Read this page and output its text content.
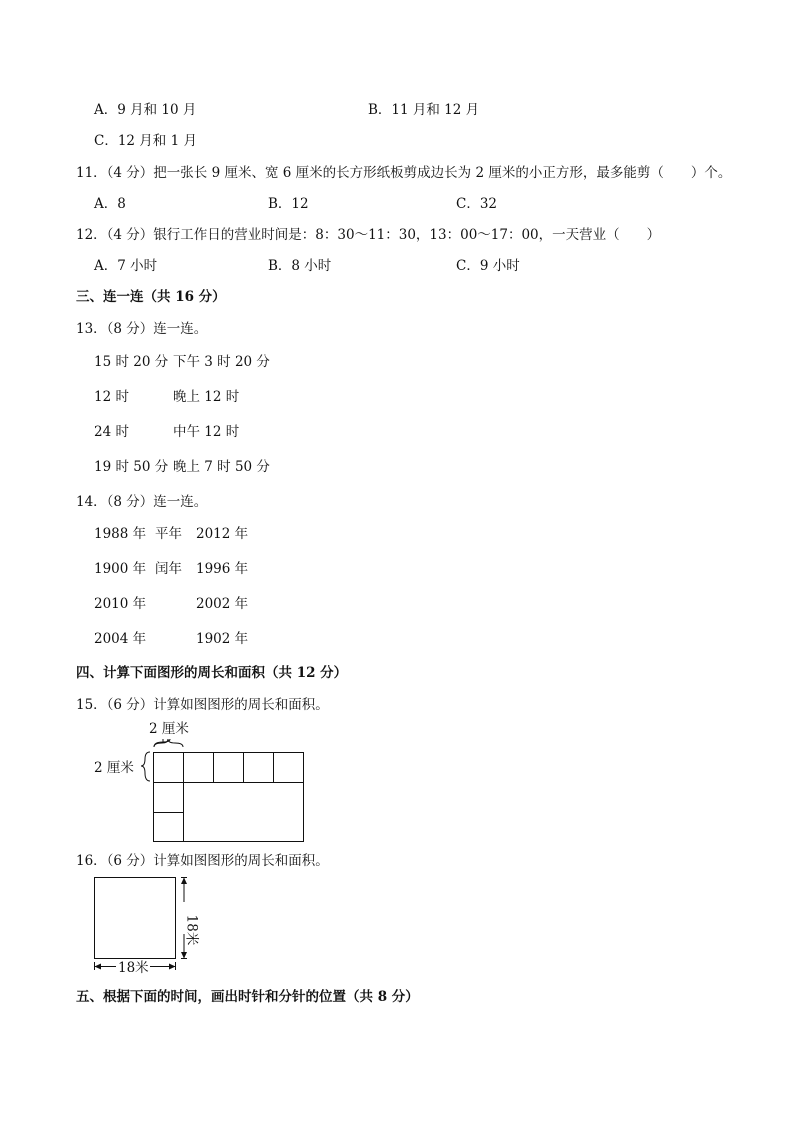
A．9 月和 10 月	B．11 月和 12 月
C．12 月和 1 月
11．（4 分）把一张长 9 厘米、宽 6 厘米的长方形纸板剪成边长为 2 厘米的小正方形，最多能剪（　　）个。
A．8	B．12	C．32
12．（4 分）银行工作日的营业时间是：8：30～11：30，13：00～17：00，一天营业（　　）
A．7 小时	B．8 小时	C．9 小时
三、连一连（共 16 分）
13．（8 分）连一连。
15 时 20 分 下午 3 时 20 分
12 时	晚上 12 时
24 时	中午 12 时
19 时 50 分 晚上 7 时 50 分
14．（8 分）连一连。
1988 年 平年 2012 年
1900 年 闰年 1996 年
2010 年	2002 年
2004 年	1902 年
四、计算下面图形的周长和面积（共 12 分）
15．（6 分）计算如图图形的周长和面积。
2 厘米
2 厘米
16．（6 分）计算如图图形的周长和面积。
18米
18米
五、根据下面的时间，画出时针和分针的位置（共 8 分）
